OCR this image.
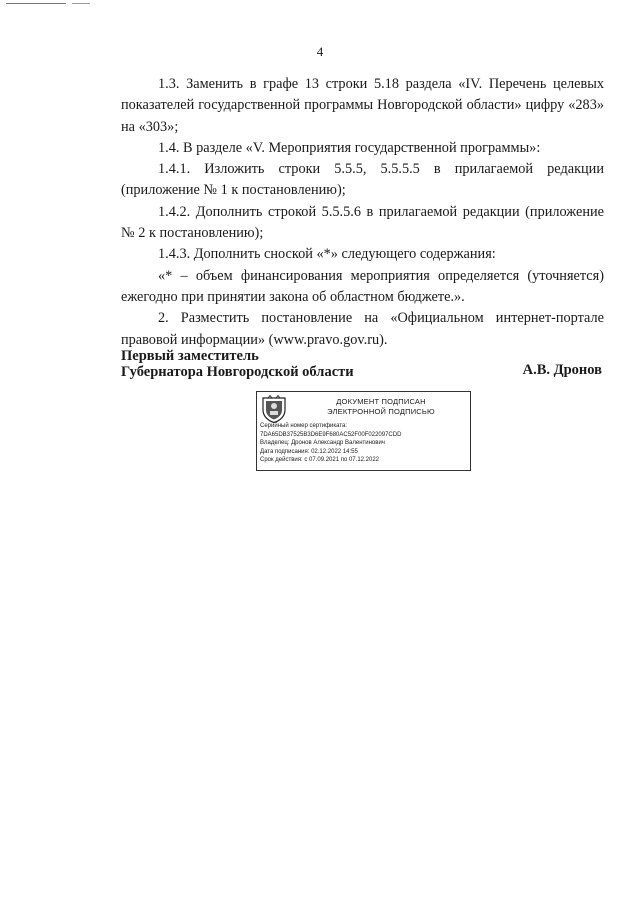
4

1.3. Заменить в графе 13 строки 5.18 раздела «IV. Перечень целевых показателей государственной программы Новгородской области» цифру «283» на «303»;

1.4. В разделе «V. Мероприятия государственной программы»:

1.4.1. Изложить строки 5.5.5, 5.5.5.5 в прилагаемой редакции (приложение № 1 к постановлению);

1.4.2. Дополнить строкой 5.5.5.6 в прилагаемой редакции (приложение № 2 к постановлению);

1.4.3. Дополнить сноской «*» следующего содержания:

«* – объем финансирования мероприятия определяется (уточняется) ежегодно при принятии закона об областном бюджете.».

2. Разместить постановление на «Официальном интернет-портале правовой информации» (www.pravo.gov.ru).

Первый заместитель
Губернатора Новгородской области	А.В. Дронов
ДОКУМЕНТ ПОДПИСАН
ЭЛЕКТРОННОЙ ПОДПИСЬЮ
Серийный номер сертификата:
7DA65DB37525B3D6E9F680AC52F00F022097CDD
Владелец: Дронов Александр Валентинович
Дата подписания: 02.12.2022 14:55
Срок действия: с 07.09.2021 по 07.12.2022
